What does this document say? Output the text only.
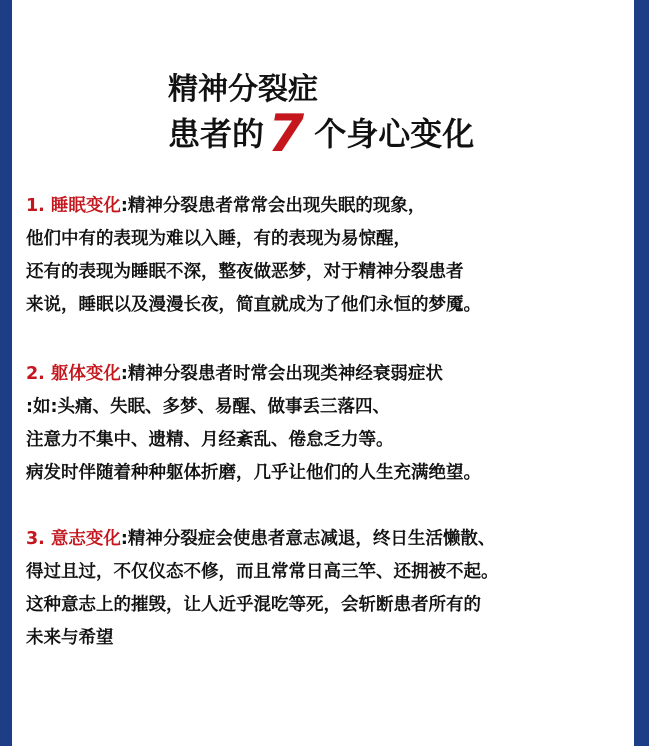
精神分裂症
患者的7 个身心变化

1. 睡眠变化:精神分裂患者常常会出现失眠的现象，

他们中有的表现为难以入睡，有的表现为易惊醒，

还有的表现为睡眠不深，整夜做恶梦，对于精神分裂患者

来说，睡眠以及漫漫长夜，简直就成为了他们永恒的梦魇。

2. 躯体变化:精神分裂患者时常会出现类神经衰弱症状

:如:头痛、失眠、多梦、易醒、做事丢三落四、

注意力不集中、遗精、月经紊乱、倦怠乏力等。

病发时伴随着种种躯体折磨，几乎让他们的人生充满绝望。

3. 意志变化:精神分裂症会使患者意志减退，终日生活懒散、

得过且过，不仅仪态不修，而且常常日高三竿、还拥被不起。

这种意志上的摧毁，让人近乎混吃等死，会斩断患者所有的

未来与希望
